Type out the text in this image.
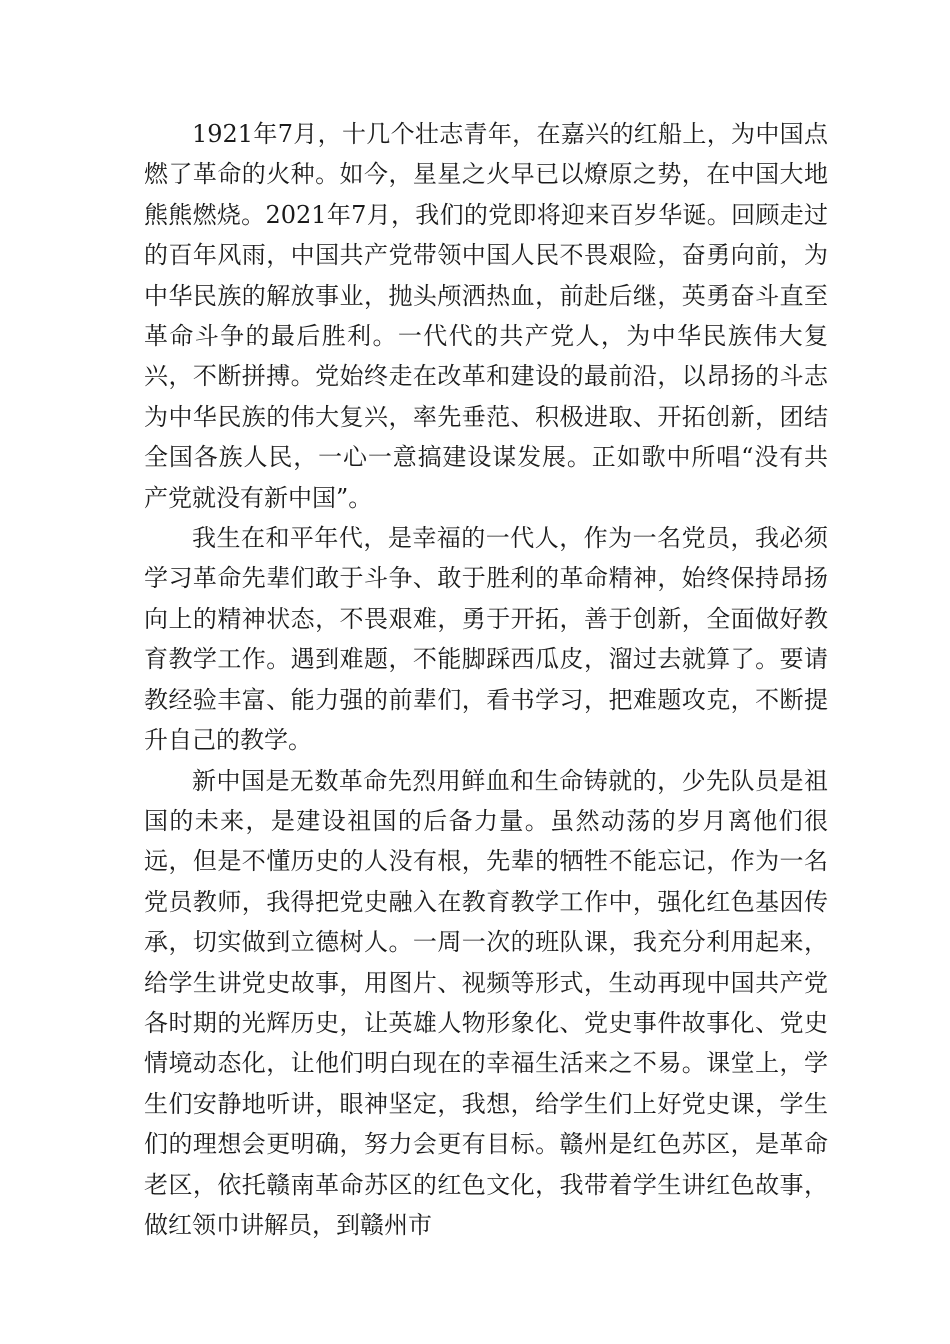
1921年7月，十几个壮志青年，在嘉兴的红船上，为中国点燃了革命的火种。如今，星星之火早已以燎原之势，在中国大地熊熊燃烧。2021年7月，我们的党即将迎来百岁华诞。回顾走过的百年风雨，中国共产党带领中国人民不畏艰险，奋勇向前，为中华民族的解放事业，抛头颅洒热血，前赴后继，英勇奋斗直至革命斗争的最后胜利。一代代的共产党人，为中华民族伟大复兴，不断拼搏。党始终走在改革和建设的最前沿，以昂扬的斗志为中华民族的伟大复兴，率先垂范、积极进取、开拓创新，团结全国各族人民，一心一意搞建设谋发展。正如歌中所唱“没有共产党就没有新中国”。

我生在和平年代，是幸福的一代人，作为一名党员，我必须学习革命先辈们敢于斗争、敢于胜利的革命精神，始终保持昂扬向上的精神状态，不畏艰难，勇于开拓，善于创新，全面做好教育教学工作。遇到难题，不能脚踩西瓜皮，溜过去就算了。要请教经验丰富、能力强的前辈们，看书学习，把难题攻克，不断提升自己的教学。

新中国是无数革命先烈用鲜血和生命铸就的，少先队员是祖国的未来，是建设祖国的后备力量。虽然动荡的岁月离他们很远，但是不懂历史的人没有根，先辈的牺牲不能忘记，作为一名党员教师，我得把党史融入在教育教学工作中，强化红色基因传承，切实做到立德树人。一周一次的班队课，我充分利用起来，给学生讲党史故事，用图片、视频等形式，生动再现中国共产党各时期的光辉历史，让英雄人物形象化、党史事件故事化、党史情境动态化，让他们明白现在的幸福生活来之不易。课堂上，学生们安静地听讲，眼神坚定，我想，给学生们上好党史课，学生们的理想会更明确，努力会更有目标。赣州是红色苏区，是革命老区，依托赣南革命苏区的红色文化，我带着学生讲红色故事，做红领巾讲解员，到赣州市
